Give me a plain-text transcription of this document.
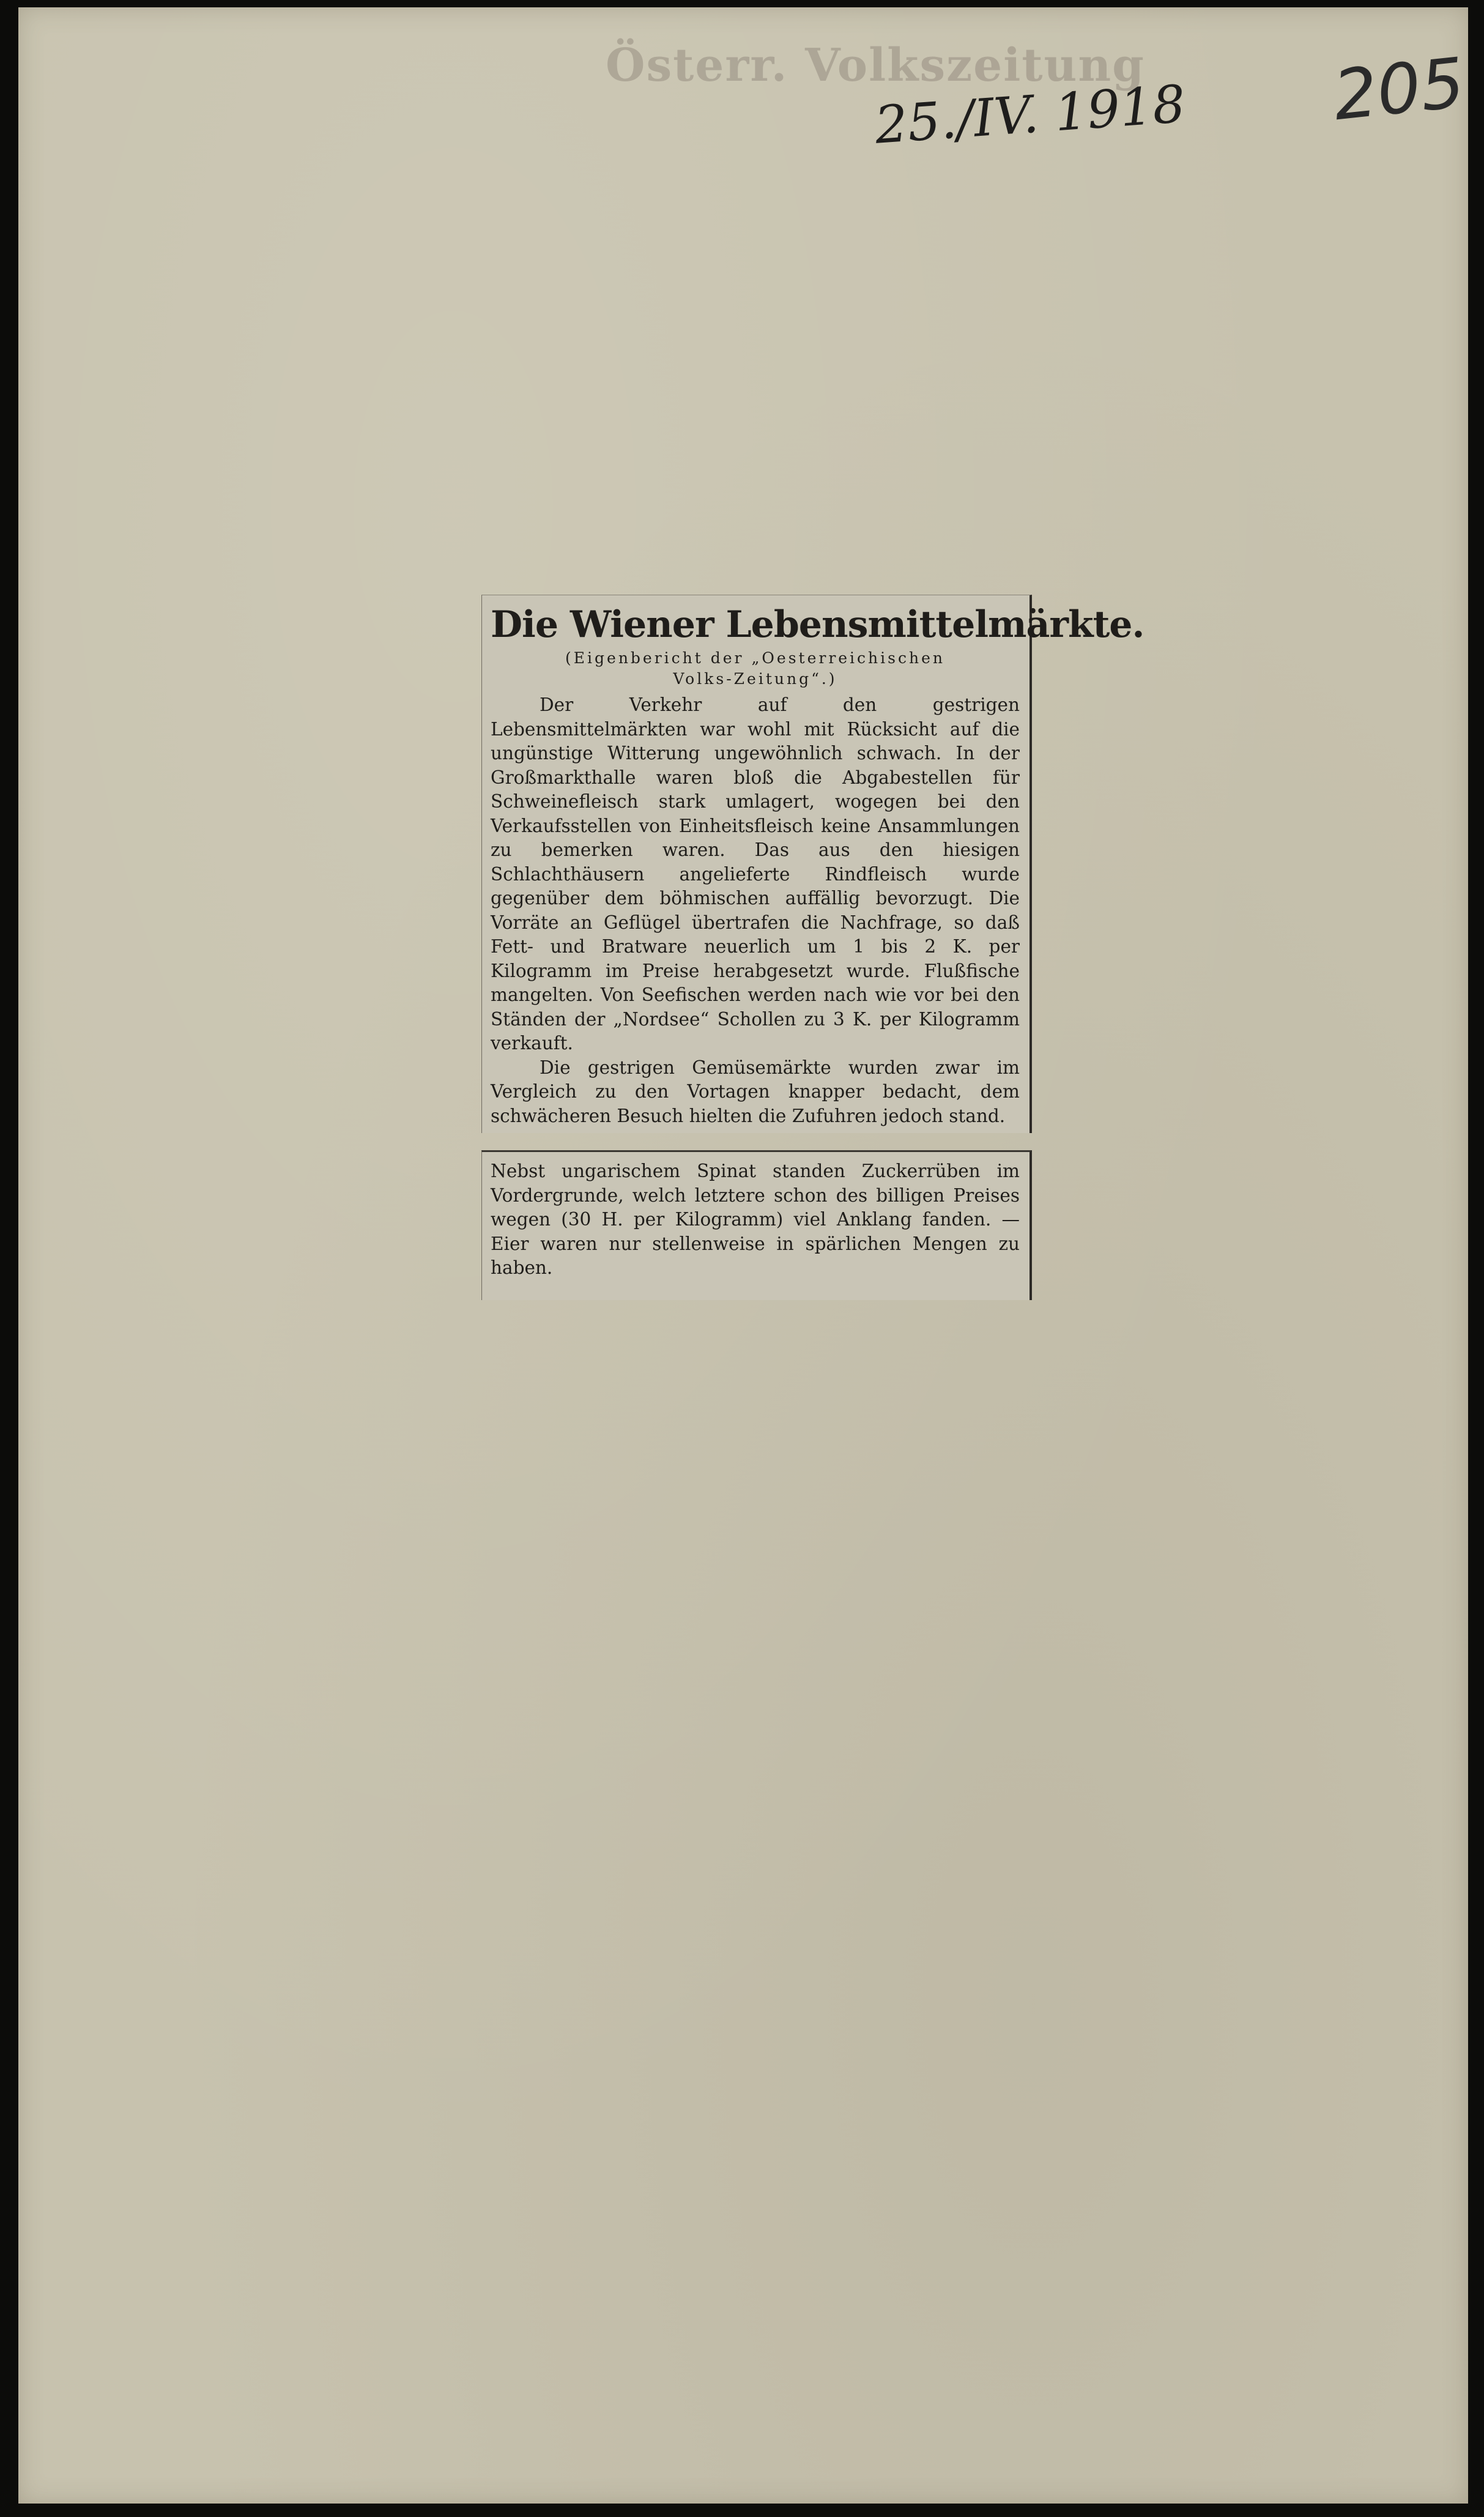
Österr. Volkszeitung
25./IV. 1918 205
Die Wiener Lebensmittelmärkte.
(Eigenbericht der „Oesterreichischen
Volks-Zeitung“.)

Der Verkehr auf den gestrigen Lebensmittelmärkten war wohl mit Rücksicht auf die ungünstige Witterung ungewöhnlich schwach. In der Großmarkthalle waren bloß die Abgabestellen für Schweinefleisch stark umlagert, wogegen bei den Verkaufsstellen von Einheitsfleisch keine Ansammlungen zu bemerken waren. Das aus den hiesigen Schlachthäusern angelieferte Rindfleisch wurde gegenüber dem böhmischen auffällig bevorzugt. Die Vorräte an Geflügel übertrafen die Nachfrage, so daß Fett- und Bratware neuerlich um 1 bis 2 K. per Kilogramm im Preise herabgesetzt wurde. Flußfische mangelten. Von Seefischen werden nach wie vor bei den Ständen der „Nordsee“ Schollen zu 3 K. per Kilogramm verkauft.

Die gestrigen Gemüsemärkte wurden zwar im Vergleich zu den Vortagen knapper bedacht, dem schwächeren Besuch hielten die Zufuhren jedoch stand.

Nebst ungarischem Spinat standen Zuckerrüben im Vordergrunde, welch letztere schon des billigen Preises wegen (30 H. per Kilogramm) viel Anklang fanden. — Eier waren nur stellenweise in spärlichen Mengen zu haben.
